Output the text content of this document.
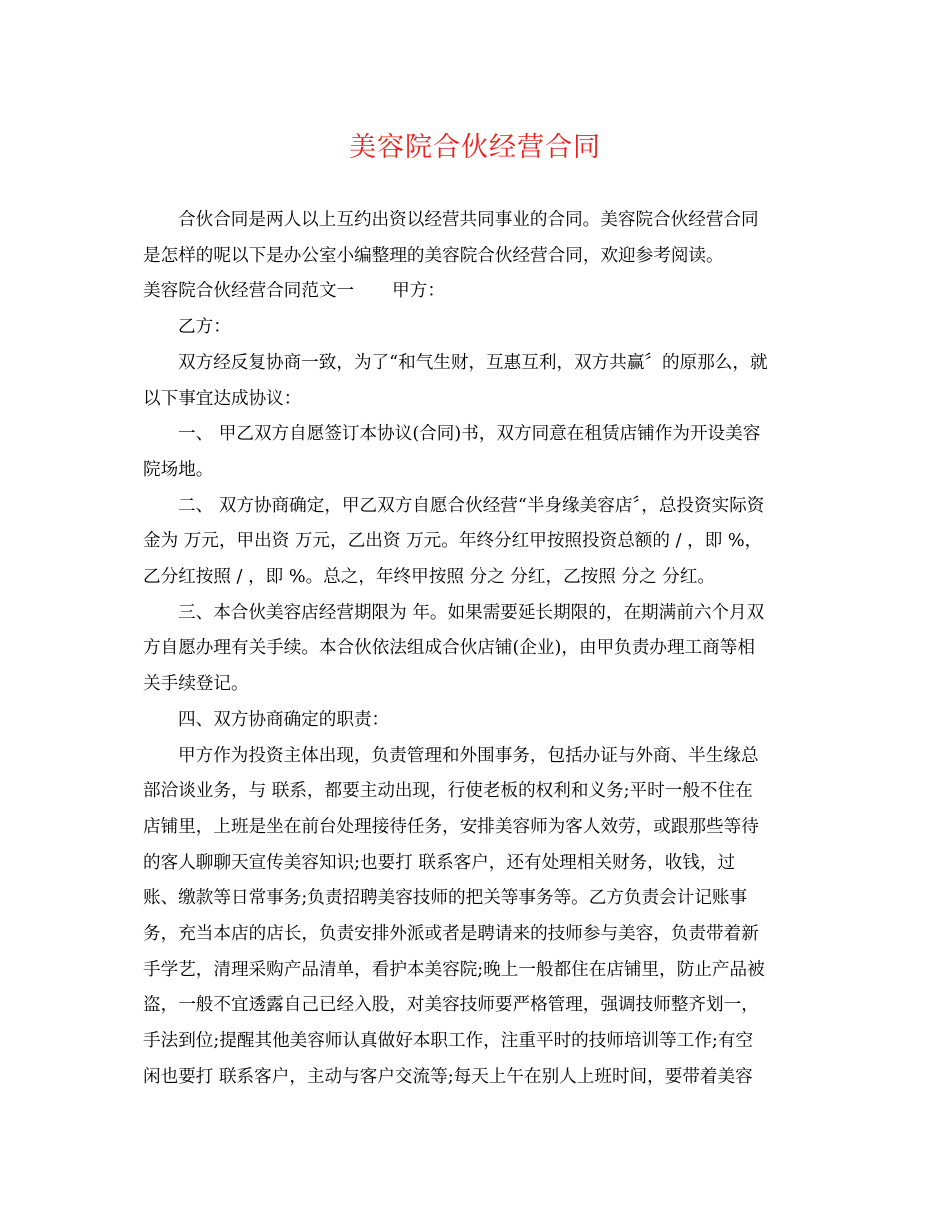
美容院合伙经营合同

合伙合同是两人以上互约出资以经营共同事业的合同。美容院合伙经营合同
是怎样的呢以下是办公室小编整理的美容院合伙经营合同，欢迎参考阅读。

美容院合伙经营合同范文一 甲方：

乙方：

双方经反复协商一致，为了“和气生财，互惠互利，双方共赢〞的原那么，就
以下事宜达成协议：

一、 甲乙双方自愿签订本协议(合同)书，双方同意在租赁店铺作为开设美容
院场地。

二、 双方协商确定，甲乙双方自愿合伙经营“半身缘美容店〞，总投资实际资
金为 万元，甲出资 万元，乙出资 万元。年终分红甲按照投资总额的 / ，即 %，
乙分红按照 / ，即 %。总之，年终甲按照 分之 分红，乙按照 分之 分红。

三、本合伙美容店经营期限为 年。如果需要延长期限的，在期满前六个月双
方自愿办理有关手续。本合伙依法组成合伙店铺(企业)，由甲负责办理工商等相
关手续登记。

四、双方协商确定的职责：

甲方作为投资主体出现，负责管理和外围事务，包括办证与外商、半生缘总
部洽谈业务，与 联系，都要主动出现，行使老板的权利和义务;平时一般不住在
店铺里，上班是坐在前台处理接待任务，安排美容师为客人效劳，或跟那些等待
的客人聊聊天宣传美容知识;也要打 联系客户，还有处理相关财务，收钱，过
账、缴款等日常事务;负责招聘美容技师的把关等事务等。乙方负责会计记账事
务，充当本店的店长，负责安排外派或者是聘请来的技师参与美容，负责带着新
手学艺，清理采购产品清单，看护本美容院;晚上一般都住在店铺里，防止产品被
盗，一般不宜透露自己已经入股，对美容技师要严格管理，强调技师整齐划一，
手法到位;提醒其他美容师认真做好本职工作，注重平时的技师培训等工作;有空
闲也要打 联系客户，主动与客户交流等;每天上午在别人上班时间，要带着美容
